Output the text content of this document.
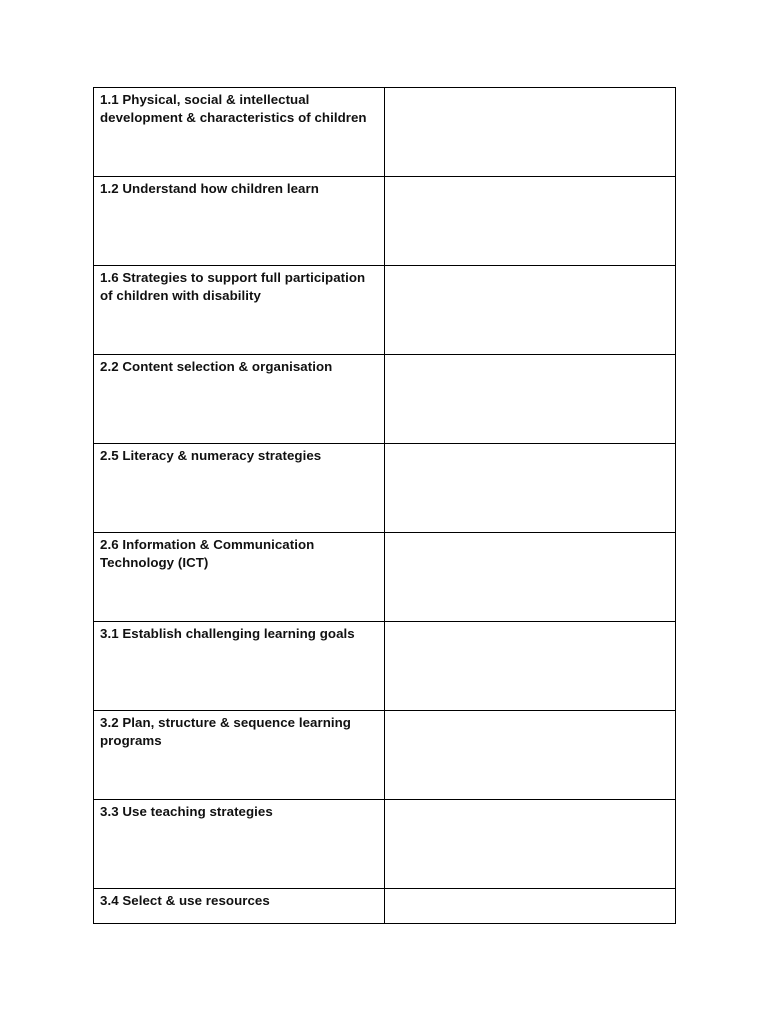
1.1 Physical, social & intellectual development & characteristics of children	

1.2 Understand how children learn	

1.6 Strategies to support full participation of children with disability	

2.2 Content selection & organisation	

2.5 Literacy & numeracy strategies	

2.6 Information & Communication Technology (ICT)	

3.1 Establish challenging learning goals	

3.2 Plan, structure & sequence learning programs	

3.3 Use teaching strategies	

3.4 Select & use resources	
